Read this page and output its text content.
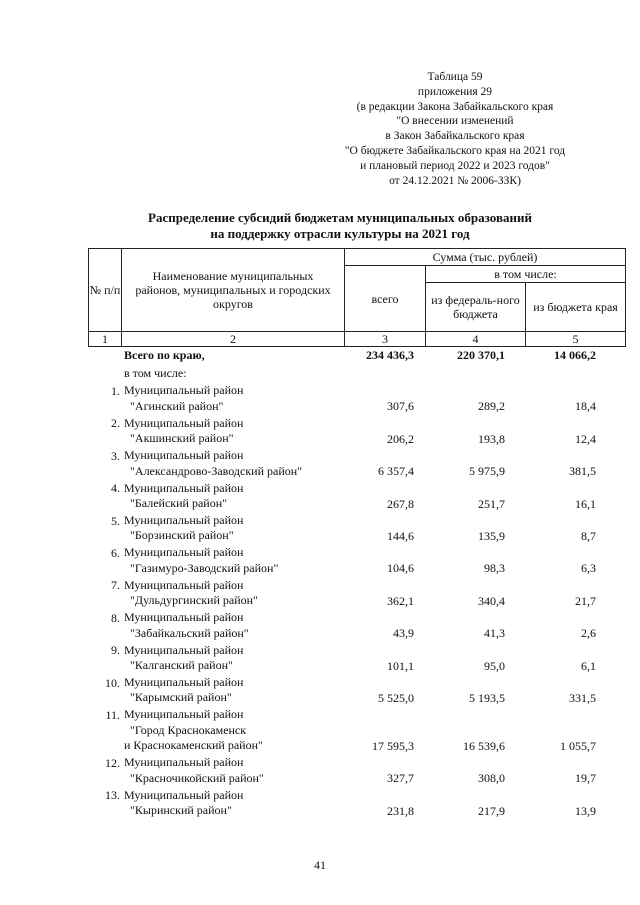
Таблица 59
приложения 29
(в редакции Закона Забайкальского края
"О внесении изменений
в Закон Забайкальского края
"О бюджете Забайкальского края на 2021 год
и плановый период 2022 и 2023 годов"
от 24.12.2021 № 2006-ЗЗК)
Распределение субсидий бюджетам муниципальных образований
на поддержку отрасли культуры на 2021 год
№ п/п	Наименование муниципальных районов, муниципальных и городских округов	Сумма (тыс. рублей)		
		всего	в том числе:	
			из федераль-ного бюджета	из бюджета края
1	2	3	4	5
Всего по краю,	234 436,3	220 370,1	14 066,2
в том числе:
1. Муниципальный район
"Агинский район"	307,6	289,2	18,4
2. Муниципальный район
"Акшинский район"	206,2	193,8	12,4
3. Муниципальный район
"Александрово-Заводский район"	6 357,4	5 975,9	381,5
4. Муниципальный район
"Балейский район"	267,8	251,7	16,1
5. Муниципальный район
"Борзинский район"	144,6	135,9	8,7
6. Муниципальный район
"Газимуро-Заводский район"	104,6	98,3	6,3
7. Муниципальный район
"Дульдургинский район"	362,1	340,4	21,7
8. Муниципальный район
"Забайкальский район"	43,9	41,3	2,6
9. Муниципальный район
"Калганский район"	101,1	95,0	6,1
10. Муниципальный район
"Карымский район"	5 525,0	5 193,5	331,5
11. Муниципальный район
"Город Краснокаменск
и Краснокаменский район"	17 595,3	16 539,6	1 055,7
12. Муниципальный район
"Красночикойский район"	327,7	308,0	19,7
13. Муниципальный район
"Кыринский район"	231,8	217,9	13,9
41
